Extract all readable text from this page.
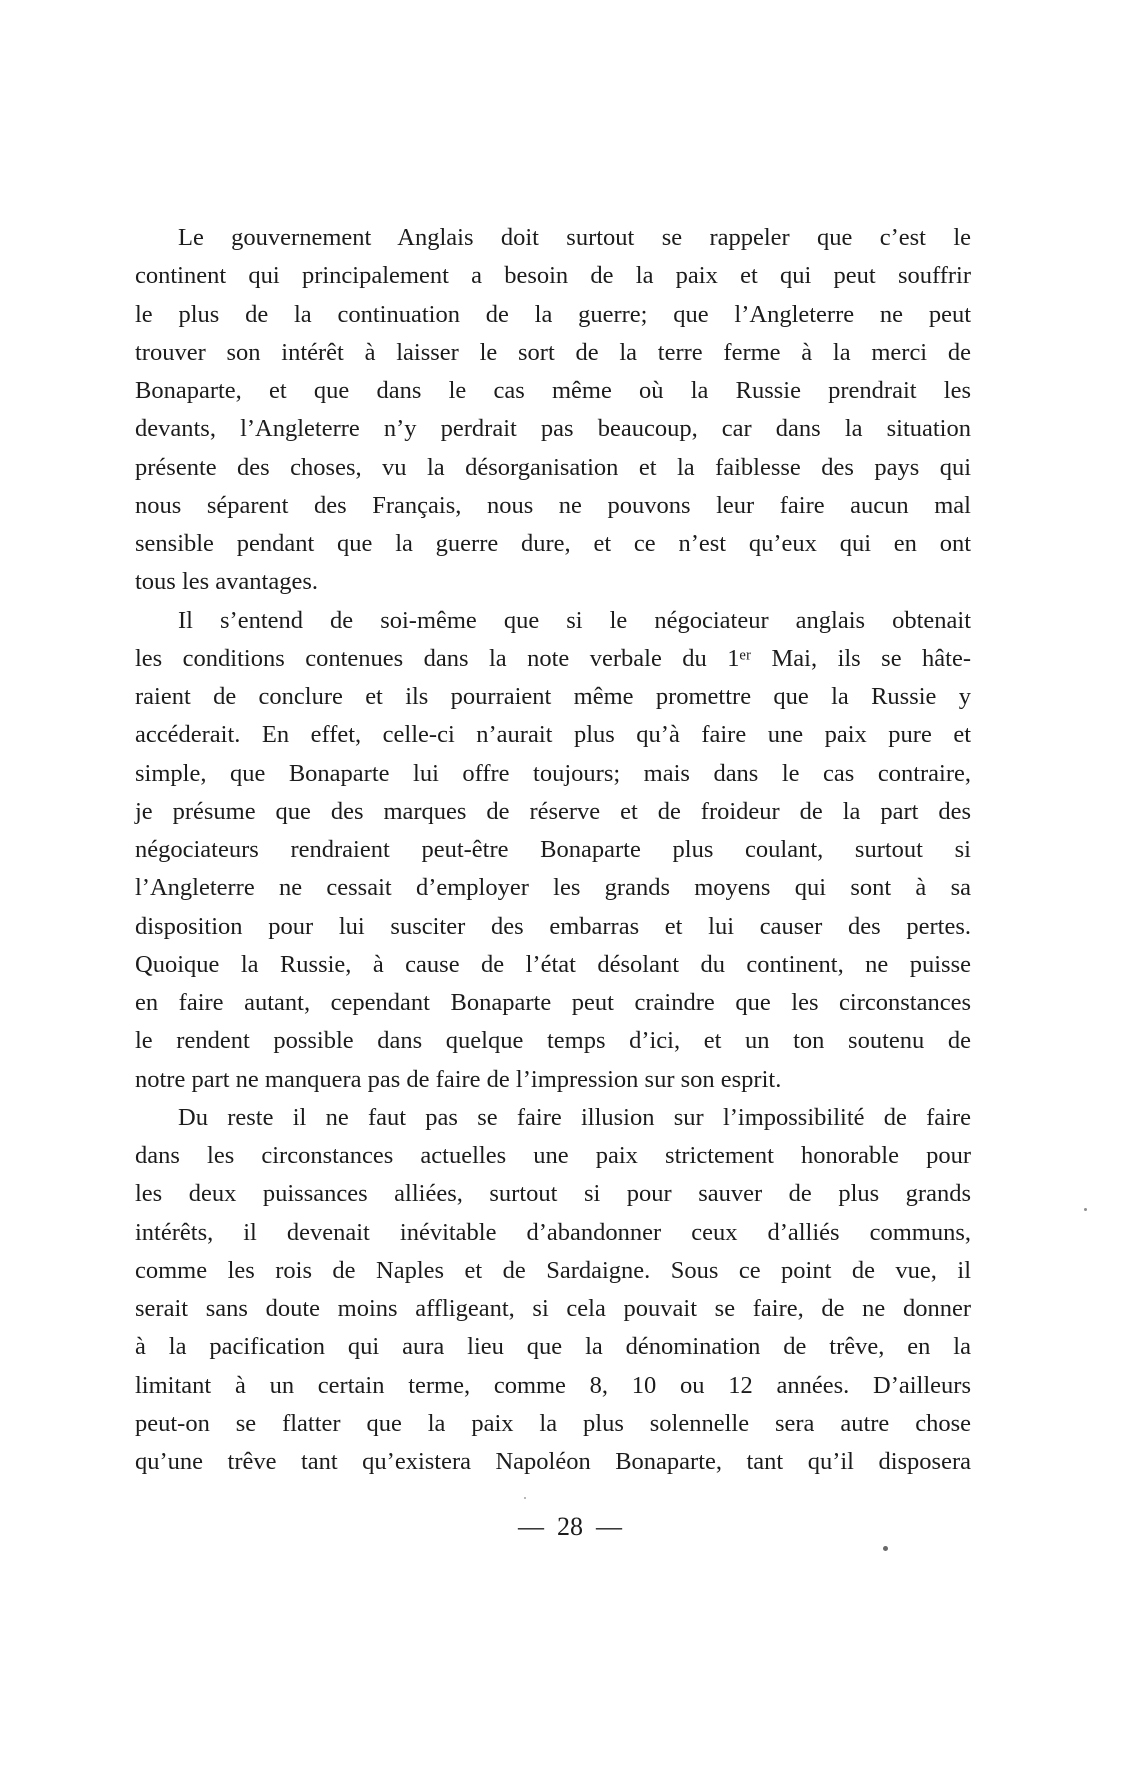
Le gouvernement Anglais doit surtout se rappeler que c’est le
continent qui principalement a besoin de la paix et qui peut souffrir
le plus de la continuation de la guerre; que l’Angleterre ne peut
trouver son intérêt à laisser le sort de la terre ferme à la merci de
Bonaparte, et que dans le cas même où la Russie prendrait les
devants, l’Angleterre n’y perdrait pas beaucoup, car dans la situation
présente des choses, vu la désorganisation et la faiblesse des pays qui
nous séparent des Français, nous ne pouvons leur faire aucun mal
sensible pendant que la guerre dure, et ce n’est qu’eux qui en ont
tous les avantages.
Il s’entend de soi-même que si le négociateur anglais obtenait
les conditions contenues dans la note verbale du 1ᵉʳ Mai, ils se hâte-
raient de conclure et ils pourraient même promettre que la Russie y
accéderait. En effet, celle-ci n’aurait plus qu’à faire une paix pure et
simple, que Bonaparte lui offre toujours; mais dans le cas contraire,
je présume que des marques de réserve et de froideur de la part des
négociateurs rendraient peut-être Bonaparte plus coulant, surtout si
l’Angleterre ne cessait d’employer les grands moyens qui sont à sa
disposition pour lui susciter des embarras et lui causer des pertes.
Quoique la Russie, à cause de l’état désolant du continent, ne puisse
en faire autant, cependant Bonaparte peut craindre que les circonstances
le rendent possible dans quelque temps d’ici, et un ton soutenu de
notre part ne manquera pas de faire de l’impression sur son esprit.
Du reste il ne faut pas se faire illusion sur l’impossibilité de faire
dans les circonstances actuelles une paix strictement honorable pour
les deux puissances alliées, surtout si pour sauver de plus grands
intérêts, il devenait inévitable d’abandonner ceux d’alliés communs,
comme les rois de Naples et de Sardaigne. Sous ce point de vue, il
serait sans doute moins affligeant, si cela pouvait se faire, de ne donner
à la pacification qui aura lieu que la dénomination de trêve, en la
limitant à un certain terme, comme 8, 10 ou 12 années. D’ailleurs
peut-on se flatter que la paix la plus solennelle sera autre chose
qu’une trêve tant qu’existera Napoléon Bonaparte, tant qu’il disposera
—  28  —
